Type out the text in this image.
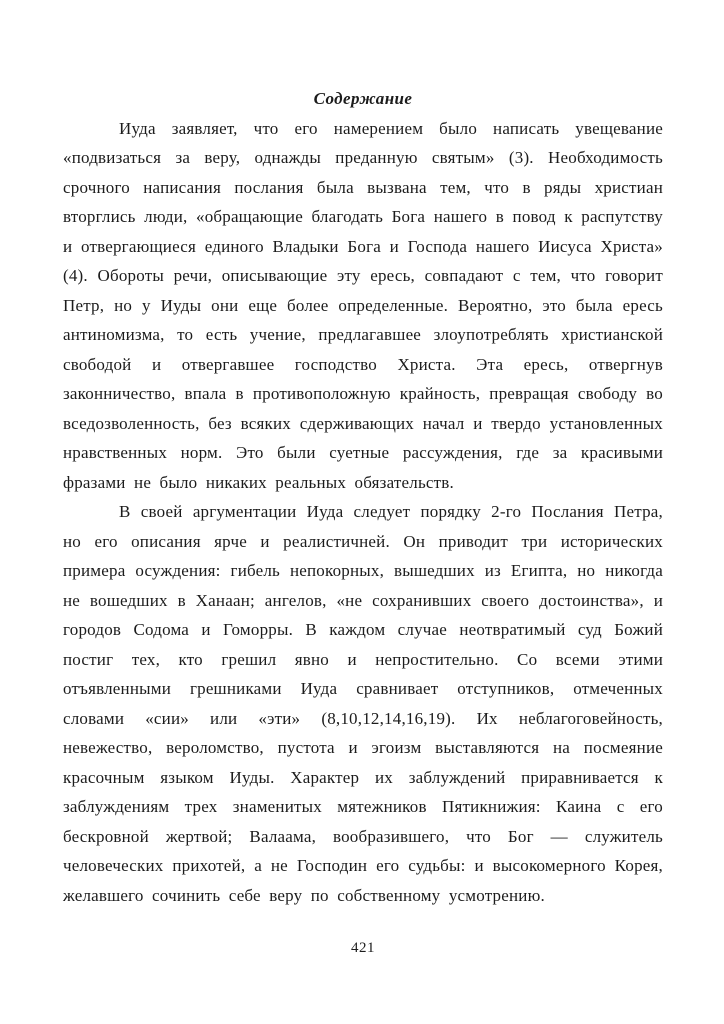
Содержание

Иуда заявляет, что его намерением было написать увещевание «подвизаться за веру, однажды преданную святым» (3). Необходимость срочного написания послания была вызвана тем, что в ряды христиан вторглись люди, «обращающие благодать Бога нашего в повод к распутству и отвергающиеся единого Владыки Бога и Господа нашего Иисуса Христа» (4). Обороты речи, описывающие эту ересь, совпадают с тем, что говорит Петр, но у Иуды они еще более определенные. Вероятно, это была ересь антиномизма, то есть учение, предлагавшее злоупотреблять христианской свободой и отвергавшее господство Христа. Эта ересь, отвергнув законничество, впала в противоположную крайность, превращая свободу во вседозволенность, без всяких сдерживающих начал и твердо установленных нравственных норм. Это были суетные рассуждения, где за красивыми фразами не было никаких реальных обязательств.

В своей аргументации Иуда следует порядку 2-го Послания Петра, но его описания ярче и реалистичней. Он приводит три исторических примера осуждения: гибель непокорных, вышедших из Египта, но никогда не вошедших в Ханаан; ангелов, «не сохранивших своего достоинства», и городов Содома и Гоморры. В каждом случае неотвратимый суд Божий постиг тех, кто грешил явно и непростительно. Со всеми этими отъявленными грешниками Иуда сравнивает отступников, отмеченных словами «сии» или «эти» (8,10,12,14,16,19). Их неблагоговейность, невежество, вероломство, пустота и эгоизм выставляются на посмеяние красочным языком Иуды. Характер их заблуждений приравнивается к заблуждениям трех знаменитых мятежников Пятикнижия: Каина с его бескровной жертвой; Валаама, вообразившего, что Бог — служитель человеческих прихотей, а не Господин его судьбы: и высокомерного Корея, желавшего сочинить себе веру по собственному усмотрению.

421
